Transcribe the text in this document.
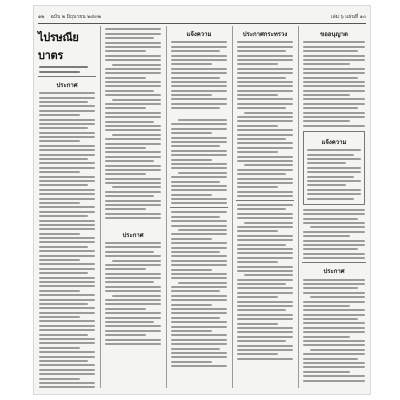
๑๒ ฉบับ ๒ มิถุนายน ๒๔๓๒	เล่ม ๖ แผ่นที่ ๑๐
ไปรษณียบาตร
ประกาศ
ประกาศ
แจ้งความ	ประกาศกระทรวง	ขออนุญาต
แจ้งความ
ประกาศ
